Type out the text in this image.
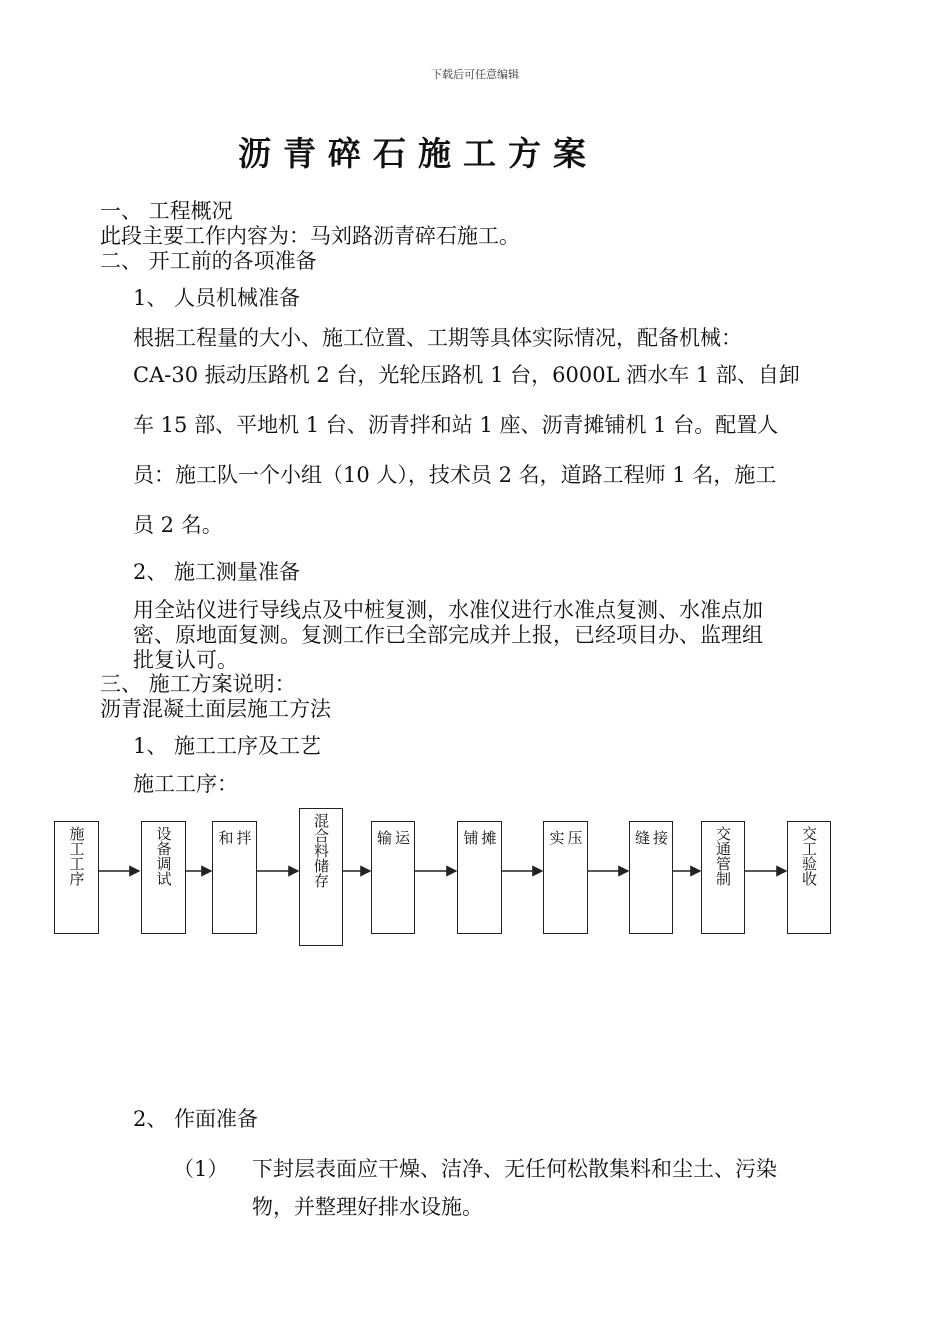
下载后可任意编辑
沥青碎石施工方案
一、 工程概况
此段主要工作内容为：马刘路沥青碎石施工。
二、 开工前的各项准备
1、 人员机械准备
根据工程量的大小、施工位置、工期等具体实际情况，配备机械：
CA-30 振动压路机 2 台，光轮压路机 1 台，6000L 洒水车 1 部、自卸
车 15 部、平地机 1 台、沥青拌和站 1 座、沥青摊铺机 1 台。配置人
员：施工队一个小组（10 人），技术员 2 名，道路工程师 1 名，施工
员 2 名。
2、 施工测量准备
用全站仪进行导线点及中桩复测，水准仪进行水准点复测、水准点加
密、原地面复测。复测工作已全部完成并上报，已经项目办、监理组
批复认可。
三、 施工方案说明：
沥青混凝土面层施工方法
1、 施工工序及工艺
施工工序：
施工工序	设备调试	拌和	混合料储存	运输	摊铺	压实	接缝	交通管制	交工验收
2、 作面准备
（1） 下封层表面应干燥、洁净、无任何松散集料和尘土、污染
物，并整理好排水设施。
